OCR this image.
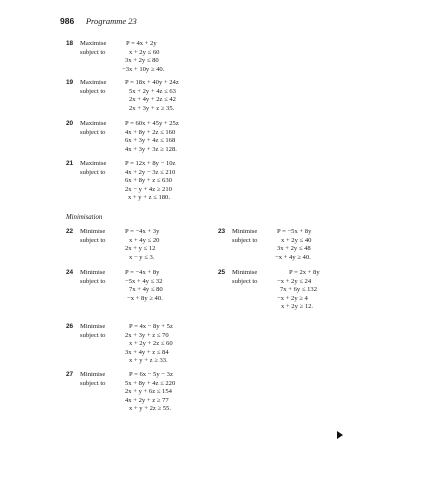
986 Programme 23
18	Maximise	P = 4x + 2y
subject to	x + 2y ≤ 60
3x + 2y ≤ 80
−3x + 10y ≥ 40.
19	Maximise	P = 18x + 40y + 24z
subject to	5x + 2y + 4z ≤ 63
2x + 4y + 2z ≤ 42
2x + 3y + z ≥ 35.
20	Maximise	P = 60x + 45y + 25z
subject to	4x + 8y + 2z ≤ 160
6x + 3y + 4z ≤ 168
4x + 3y + 3z ≥ 128.
21	Maximise	P = 12x + 8y − 10z
subject to	4x + 2y − 3z ≤ 210
6x + 8y + z ≤ 630
2x − y + 4z ≥ 210
x + y + z ≤ 180.
Minimisation
22	Minimise	P = −4x + 3y
subject to	x + 4y ≤ 20
2x + y ≤ 12
x − y ≤ 3.
23	Minimise	P = −5x + 8y
subject to	x + 2y ≤ 40
3x + 2y ≤ 48
−x + 4y ≥ 40.
24	Minimise	P = −4x + 8y
subject to	−5x + 4y ≤ 32
7x + 4y ≤ 80
−x + 8y ≥ 40.
25	Minimise	P = 2x + 8y
subject to	−x + 2y ≤ 24
7x + 6y ≤ 132
−x + 2y ≥ 4
x + 2y ≥ 12.
26	Minimise	P = 4x − 8y + 5z
subject to	2x + 3y + z ≤ 70
x + 2y + 2z ≤ 60
3x + 4y + z ≤ 84
x + y + z ≥ 33.
27	Minimise	P = 6x − 5y − 3z
subject to	5x + 8y + 4z ≤ 220
2x + y + 6z ≤ 154
4x + 2y + z ≥ 77
x + y + 2z ≥ 55.
